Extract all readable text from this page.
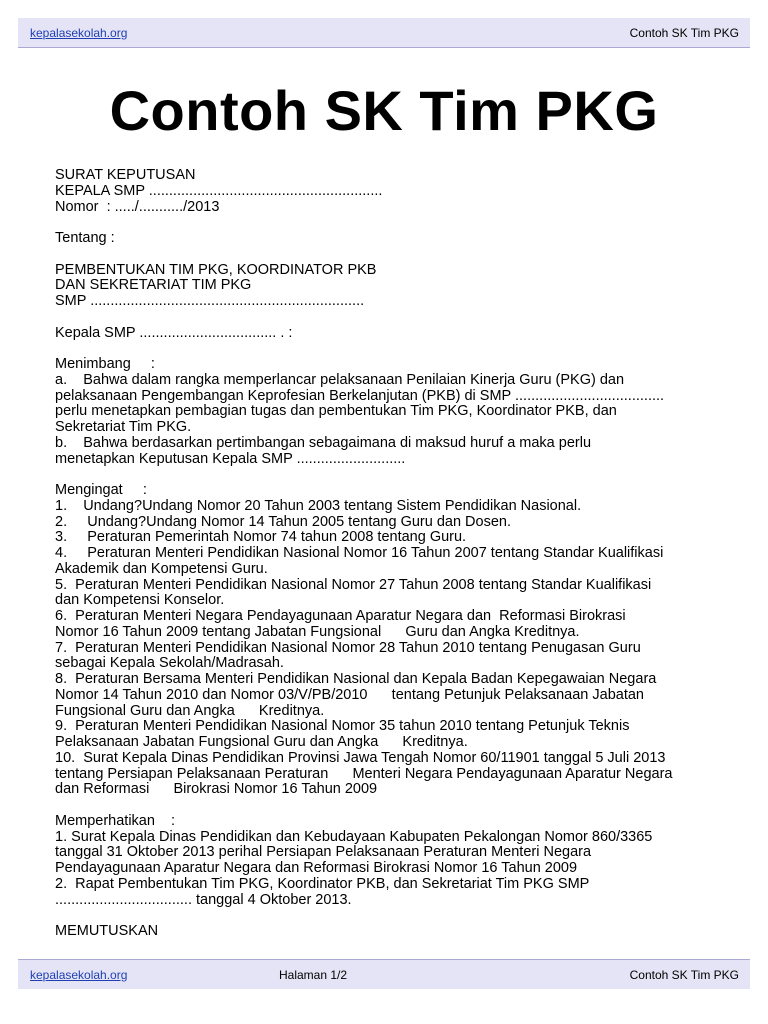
kepalasekolah.org	Contoh SK Tim PKG
Contoh SK Tim PKG
SURAT KEPUTUSAN
KEPALA SMP ..........................................................
Nomor  : ...../.........../2013
Tentang :
PEMBENTUKAN TIM PKG, KOORDINATOR PKB
DAN SEKRETARIAT TIM PKG
SMP ....................................................................
Kepala SMP .................................. . :
Menimbang     :
a.    Bahwa dalam rangka memperlancar pelaksanaan Penilaian Kinerja Guru (PKG) dan
pelaksanaan Pengembangan Keprofesian Berkelanjutan (PKB) di SMP .....................................
perlu menetapkan pembagian tugas dan pembentukan Tim PKG, Koordinator PKB, dan
Sekretariat Tim PKG.
b.    Bahwa berdasarkan pertimbangan sebagaimana di maksud huruf a maka perlu
menetapkan Keputusan Kepala SMP ...........................
Mengingat     :
1.    Undang?Undang Nomor 20 Tahun 2003 tentang Sistem Pendidikan Nasional.
2.     Undang?Undang Nomor 14 Tahun 2005 tentang Guru dan Dosen.
3.     Peraturan Pemerintah Nomor 74 tahun 2008 tentang Guru.
4.     Peraturan Menteri Pendidikan Nasional Nomor 16 Tahun 2007 tentang Standar Kualifikasi
Akademik dan Kompetensi Guru.
5.  Peraturan Menteri Pendidikan Nasional Nomor 27 Tahun 2008 tentang Standar Kualifikasi
dan Kompetensi Konselor.
6.  Peraturan Menteri Negara Pendayagunaan Aparatur Negara dan  Reformasi Birokrasi
Nomor 16 Tahun 2009 tentang Jabatan Fungsional      Guru dan Angka Kreditnya.
7.  Peraturan Menteri Pendidikan Nasional Nomor 28 Tahun 2010 tentang Penugasan Guru
sebagai Kepala Sekolah/Madrasah.
8.  Peraturan Bersama Menteri Pendidikan Nasional dan Kepala Badan Kepegawaian Negara
Nomor 14 Tahun 2010 dan Nomor 03/V/PB/2010      tentang Petunjuk Pelaksanaan Jabatan
Fungsional Guru dan Angka      Kreditnya.
9.  Peraturan Menteri Pendidikan Nasional Nomor 35 tahun 2010 tentang Petunjuk Teknis
Pelaksanaan Jabatan Fungsional Guru dan Angka      Kreditnya.
10.  Surat Kepala Dinas Pendidikan Provinsi Jawa Tengah Nomor 60/11901 tanggal 5 Juli 2013
tentang Persiapan Pelaksanaan Peraturan      Menteri Negara Pendayagunaan Aparatur Negara
dan Reformasi      Birokrasi Nomor 16 Tahun 2009
Memperhatikan    :
1. Surat Kepala Dinas Pendidikan dan Kebudayaan Kabupaten Pekalongan Nomor 860/3365
tanggal 31 Oktober 2013 perihal Persiapan Pelaksanaan Peraturan Menteri Negara
Pendayagunaan Aparatur Negara dan Reformasi Birokrasi Nomor 16 Tahun 2009
2.  Rapat Pembentukan Tim PKG, Koordinator PKB, dan Sekretariat Tim PKG SMP
.................................. tanggal 4 Oktober 2013.
MEMUTUSKAN
kepalasekolah.org	Halaman 1/2	Contoh SK Tim PKG
